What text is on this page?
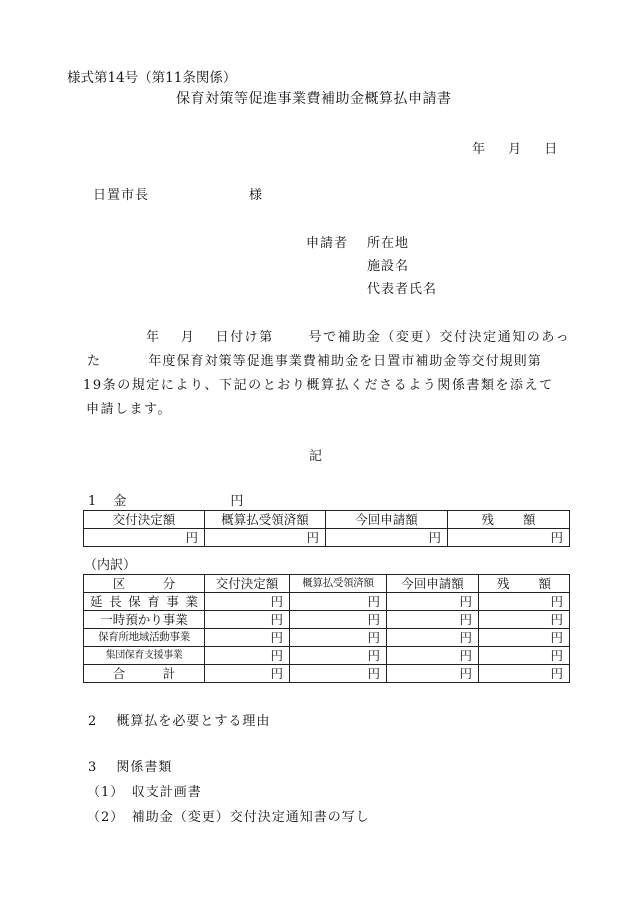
様式第14号（第11条関係）
保育対策等促進事業費補助金概算払申請書
年　 月　 日
日置市長	様
申請者 所在地
施設名
代表者氏名
年　 月　 日付け第　　 号で補助金（変更）交付決定通知のあっ
た　　　 年度保育対策等促進事業費補助金を日置市補助金等交付規則第
19条の規定により、下記のとおり概算払くださるよう関係書類を添えて
申請します。
記
1　 金　　　　　　　　円
交付決定額	概算払受領済額	今回申請額	残　　 額
円	円	円	円
（内訳）
区　　　分	交付決定額	概算払受領済額	今回申請額	残　　 額
延長保育事業	円	円	円	円
一時預かり事業	円	円	円	円
保育所地域活動事業	円	円	円	円
集団保育支援事業	円	円	円	円
合　　　計	円	円	円	円
2　 概算払を必要とする理由
3　 関係書類
（1）　収支計画書
（2）　補助金（変更）交付決定通知書の写し
